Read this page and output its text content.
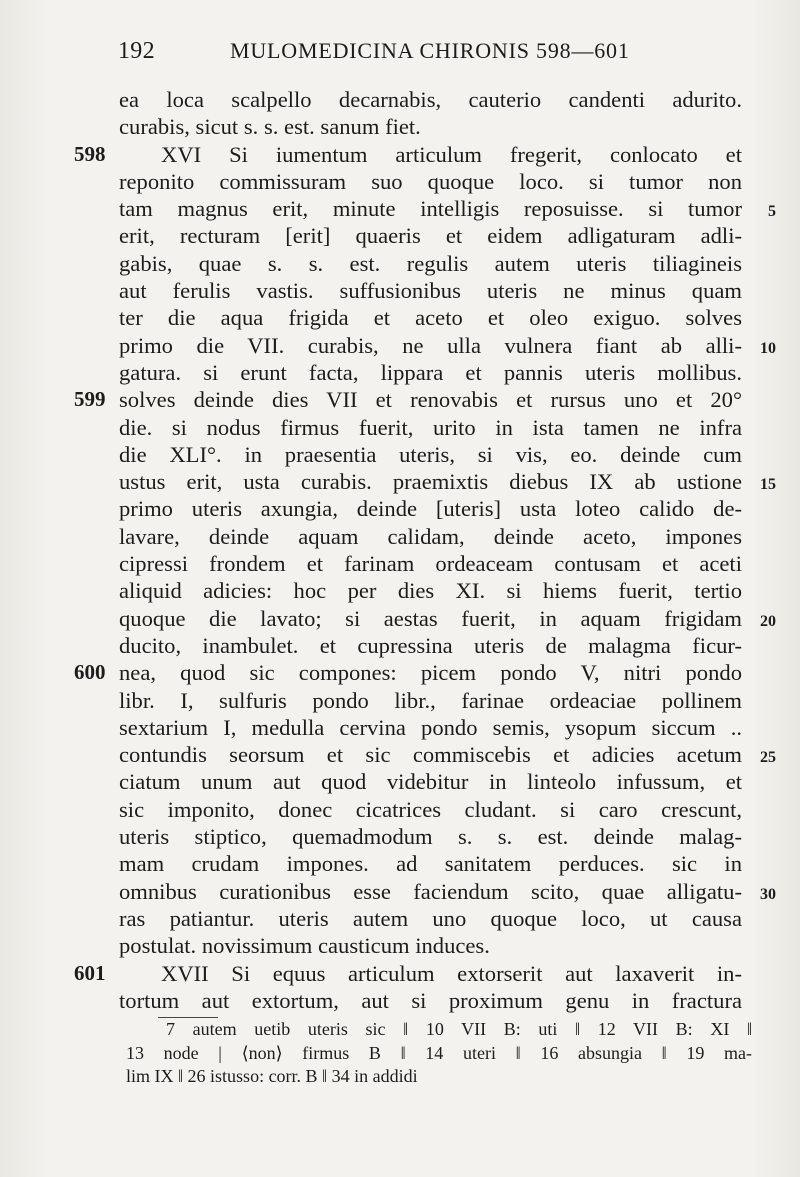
192	MULOMEDICINA CHIRONIS 598—601
ea loca scalpello decarnabis, cauterio candenti adurito.
curabis, sicut s. s. est. sanum fiet.
XVI Si iumentum articulum fregerit, conlocato et
598
reponito commissuram suo quoque loco. si tumor non
tam magnus erit, minute intelligis reposuisse. si tumor 5
erit, recturam [erit] quaeris et eidem adligaturam adli-
gabis, quae s. s. est. regulis autem uteris tiliagineis
aut ferulis vastis. suffusionibus uteris ne minus quam
ter die aqua frigida et aceto et oleo exiguo. solves
primo die VII. curabis, ne ulla vulnera fiant ab alli- 10
gatura. si erunt facta, lippara et pannis uteris mollibus.
solves deinde dies VII et renovabis et rursus uno et 20°
599
die. si nodus firmus fuerit, urito in ista tamen ne infra
die XLI°. in praesentia uteris, si vis, eo. deinde cum
ustus erit, usta curabis. praemixtis diebus IX ab ustione 15
primo uteris axungia, deinde [uteris] usta loteo calido de-
lavare, deinde aquam calidam, deinde aceto, impones
cipressi frondem et farinam ordeaceam contusam et aceti
aliquid adicies: hoc per dies XI. si hiems fuerit, tertio
quoque die lavato; si aestas fuerit, in aquam frigidam 20
ducito, inambulet. et cupressina uteris de malagma ficur-
nea, quod sic compones: picem pondo V, nitri pondo
600
libr. I, sulfuris pondo libr., farinae ordeaciae pollinem
sextarium I, medulla cervina pondo semis, ysopum siccum ..
contundis seorsum et sic commiscebis et adicies acetum 25
ciatum unum aut quod videbitur in linteolo infussum, et
sic imponito, donec cicatrices cludant. si caro crescunt,
uteris stiptico, quemadmodum s. s. est. deinde malag-
mam crudam impones. ad sanitatem perduces. sic in
omnibus curationibus esse faciendum scito, quae alligatu- 30
ras patiantur. uteris autem uno quoque loco, ut causa
postulat. novissimum causticum induces.
XVII Si equus articulum extorserit aut laxaverit in-
601
tortum aut extortum, aut si proximum genu in fractura
7 autem uetib uteris sic ‖ 10 VII B: uti ‖ 12 VII B: XI ‖
13 node | ⟨non⟩ firmus B ‖ 14 uteri ‖ 16 absungia ‖ 19 ma-
lim IX ‖ 26 istusso: corr. B ‖ 34 in addidi
